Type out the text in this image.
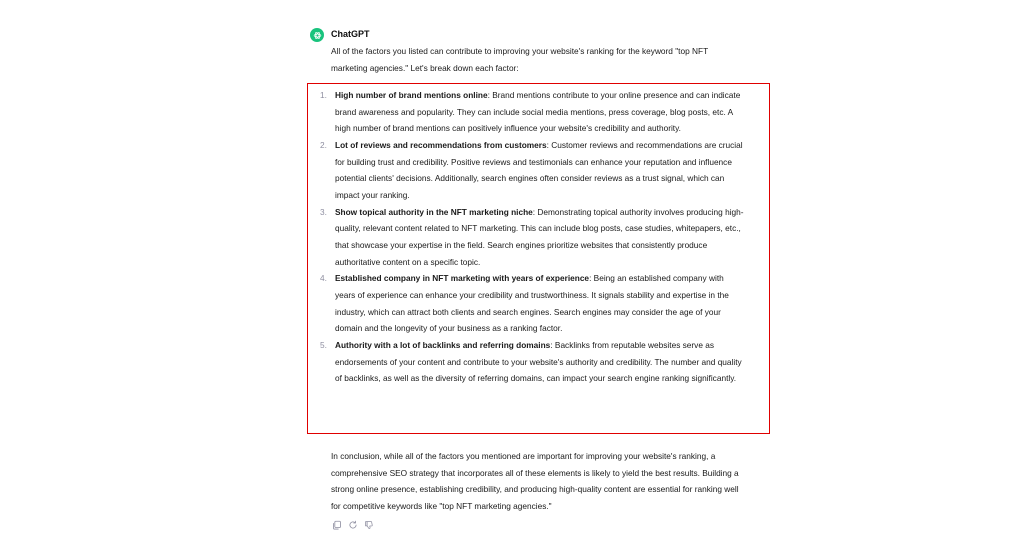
ChatGPT
All of the factors you listed can contribute to improving your website's ranking for the keyword "top NFT marketing agencies." Let's break down each factor:
1. High number of brand mentions online: Brand mentions contribute to your online presence and can indicate brand awareness and popularity. They can include social media mentions, press coverage, blog posts, etc. A high number of brand mentions can positively influence your website's credibility and authority.
2. Lot of reviews and recommendations from customers: Customer reviews and recommendations are crucial for building trust and credibility. Positive reviews and testimonials can enhance your reputation and influence potential clients' decisions. Additionally, search engines often consider reviews as a trust signal, which can impact your ranking.
3. Show topical authority in the NFT marketing niche: Demonstrating topical authority involves producing high-quality, relevant content related to NFT marketing. This can include blog posts, case studies, whitepapers, etc., that showcase your expertise in the field. Search engines prioritize websites that consistently produce authoritative content on a specific topic.
4. Established company in NFT marketing with years of experience: Being an established company with years of experience can enhance your credibility and trustworthiness. It signals stability and expertise in the industry, which can attract both clients and search engines. Search engines may consider the age of your domain and the longevity of your business as a ranking factor.
5. Authority with a lot of backlinks and referring domains: Backlinks from reputable websites serve as endorsements of your content and contribute to your website's authority and credibility. The number and quality of backlinks, as well as the diversity of referring domains, can impact your search engine ranking significantly.
In conclusion, while all of the factors you mentioned are important for improving your website's ranking, a comprehensive SEO strategy that incorporates all of these elements is likely to yield the best results. Building a strong online presence, establishing credibility, and producing high-quality content are essential for ranking well for competitive keywords like "top NFT marketing agencies."
